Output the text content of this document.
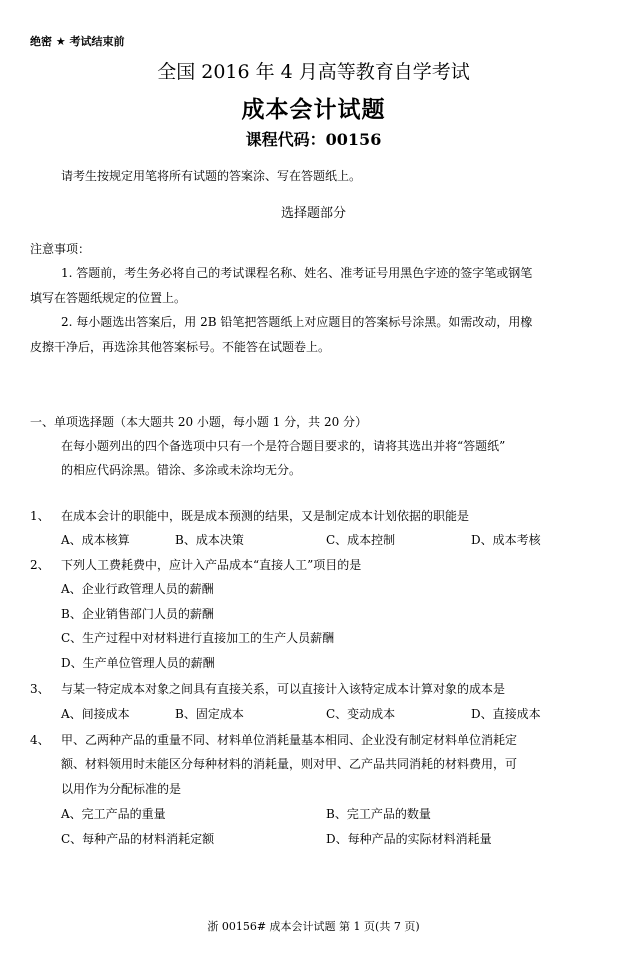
绝密 ★ 考试结束前
全国 2016 年 4 月高等教育自学考试
成本会计试题
课程代码：00156
请考生按规定用笔将所有试题的答案涂、写在答题纸上。
选择题部分
注意事项：
1. 答题前，考生务必将自己的考试课程名称、姓名、准考证号用黑色字迹的签字笔或钢笔
填写在答题纸规定的位置上。
2. 每小题选出答案后，用 2B 铅笔把答题纸上对应题目的答案标号涂黑。如需改动，用橡
皮擦干净后，再选涂其他答案标号。不能答在试题卷上。
一、单项选择题（本大题共 20 小题，每小题 1 分，共 20 分）
在每小题列出的四个备选项中只有一个是符合题目要求的，请将其选出并将“答题纸”
的相应代码涂黑。错涂、多涂或未涂均无分。
1、 在成本会计的职能中，既是成本预测的结果，又是制定成本计划依据的职能是
A、成本核算	B、成本决策	C、成本控制	D、成本考核
2、 下列人工费耗费中，应计入产品成本“直接人工”项目的是
A、企业行政管理人员的薪酬
B、企业销售部门人员的薪酬
C、生产过程中对材料进行直接加工的生产人员薪酬
D、生产单位管理人员的薪酬
3、 与某一特定成本对象之间具有直接关系，可以直接计入该特定成本计算对象的成本是
A、间接成本	B、固定成本	C、变动成本	D、直接成本
4、 甲、乙两种产品的重量不同、材料单位消耗量基本相同、企业没有制定材料单位消耗定
额、材料领用时未能区分每种材料的消耗量，则对甲、乙产品共同消耗的材料费用，可
以用作为分配标准的是
A、完工产品的重量	B、完工产品的数量
C、每种产品的材料消耗定额	D、每种产品的实际材料消耗量
浙 00156# 成本会计试题 第 1 页(共 7 页)
